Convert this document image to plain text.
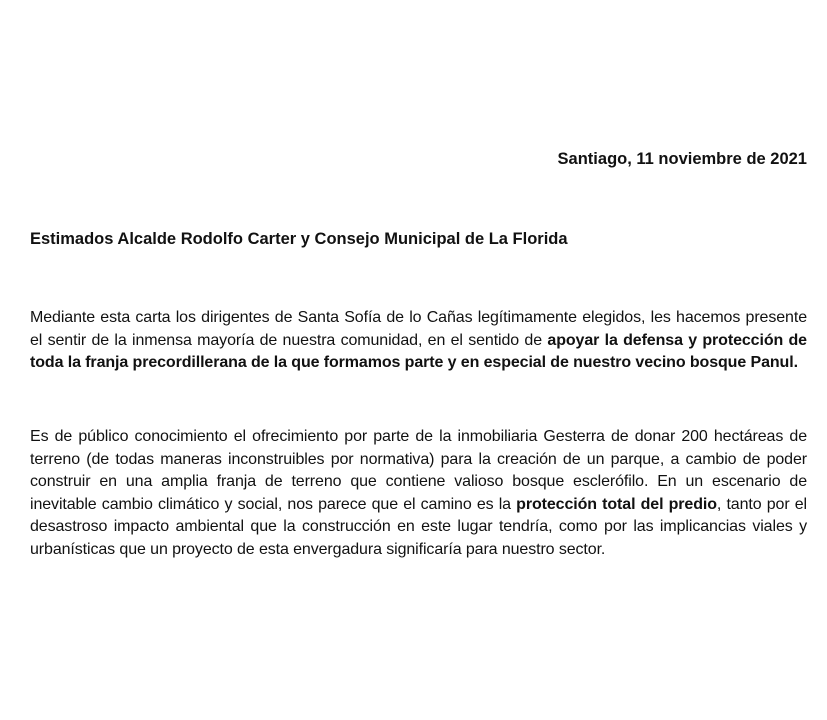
Santiago, 11 noviembre de 2021
Estimados Alcalde Rodolfo Carter y Consejo Municipal de La Florida

Mediante esta carta los dirigentes de Santa Sofía de lo Cañas legítimamente elegidos, les hacemos presente el sentir de la inmensa mayoría de nuestra comunidad, en el sentido de apoyar la defensa y protección de toda la franja precordillerana de la que formamos parte y en especial de nuestro vecino bosque Panul.

Es de público conocimiento el ofrecimiento por parte de la inmobiliaria Gesterra de donar 200 hectáreas de terreno (de todas maneras inconstruibles por normativa) para la creación de un parque, a cambio de poder construir en una amplia franja de terreno que contiene valioso bosque esclerófilo. En un escenario de inevitable cambio climático y social, nos parece que el camino es la protección total del predio, tanto por el desastroso impacto ambiental que la construcción en este lugar tendría, como por las implicancias viales y urbanísticas que un proyecto de esta envergadura significaría para nuestro sector.
